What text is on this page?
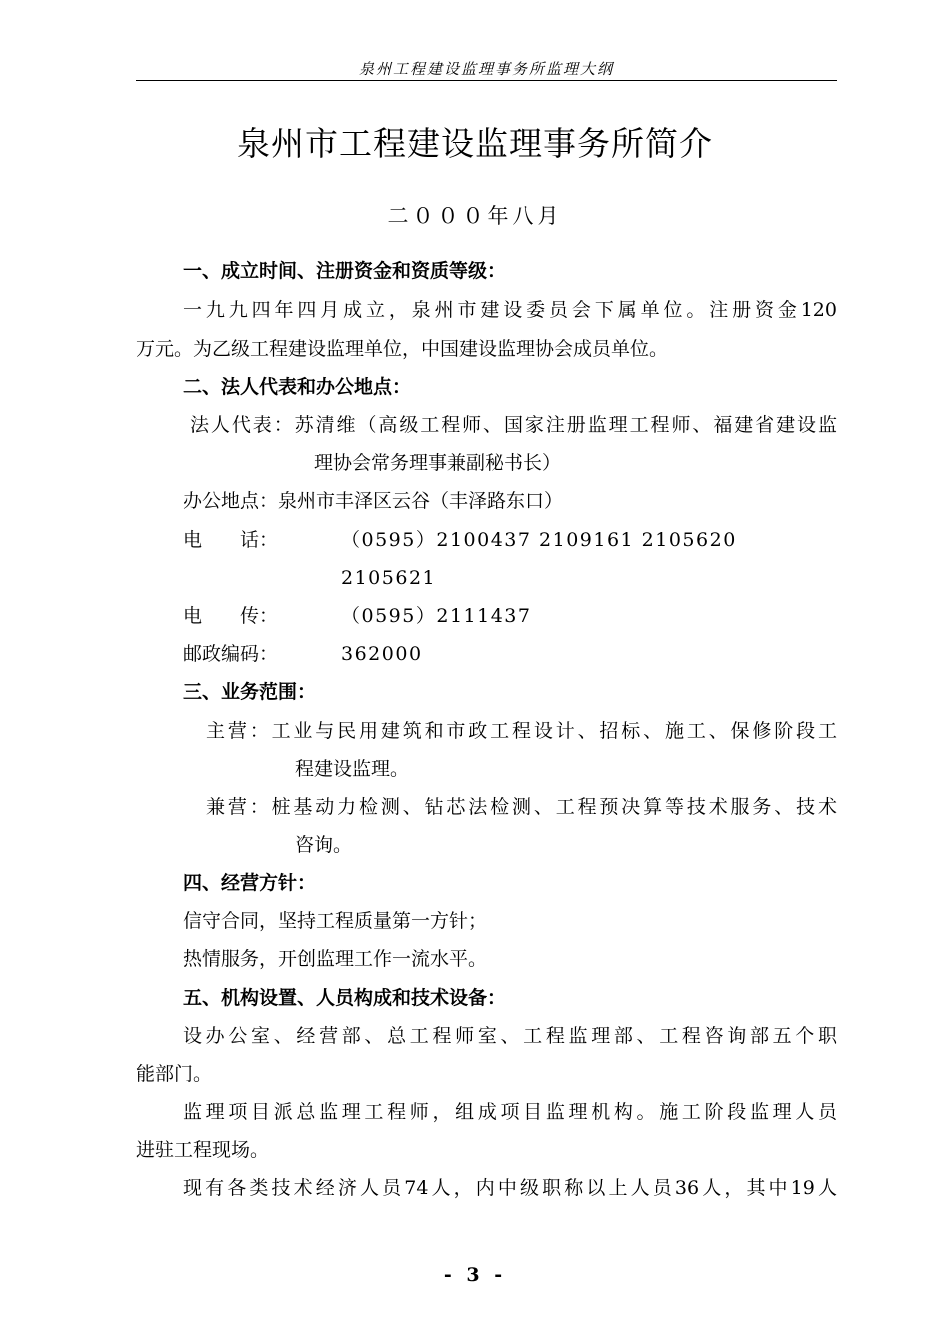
泉州工程建设监理事务所监理大纲
泉州市工程建设监理事务所简介
二０００年八月
一、成立时间、注册资金和资质等级：
一九九四年四月成立，泉州市建设委员会下属单位。注册资金120
万元。为乙级工程建设监理单位，中国建设监理协会成员单位。
二、法人代表和办公地点：
法人代表：苏清维（高级工程师、国家注册监理工程师、福建省建设监
理协会常务理事兼副秘书长）
办公地点：泉州市丰泽区云谷（丰泽路东口）
电　　话：	（0595）2100437 2109161 2105620
2105621
电　　传：	（0595）2111437
邮政编码：	362000
三、业务范围：
主营：工业与民用建筑和市政工程设计、招标、施工、保修阶段工
程建设监理。
兼营：桩基动力检测、钻芯法检测、工程预决算等技术服务、技术
咨询。
四、经营方针：
信守合同，坚持工程质量第一方针；
热情服务，开创监理工作一流水平。
五、机构设置、人员构成和技术设备：
设办公室、经营部、总工程师室、工程监理部、工程咨询部五个职
能部门。
监理项目派总监理工程师，组成项目监理机构。施工阶段监理人员
进驻工程现场。
现有各类技术经济人员74人，内中级职称以上人员36人，其中19人
- 3 -
